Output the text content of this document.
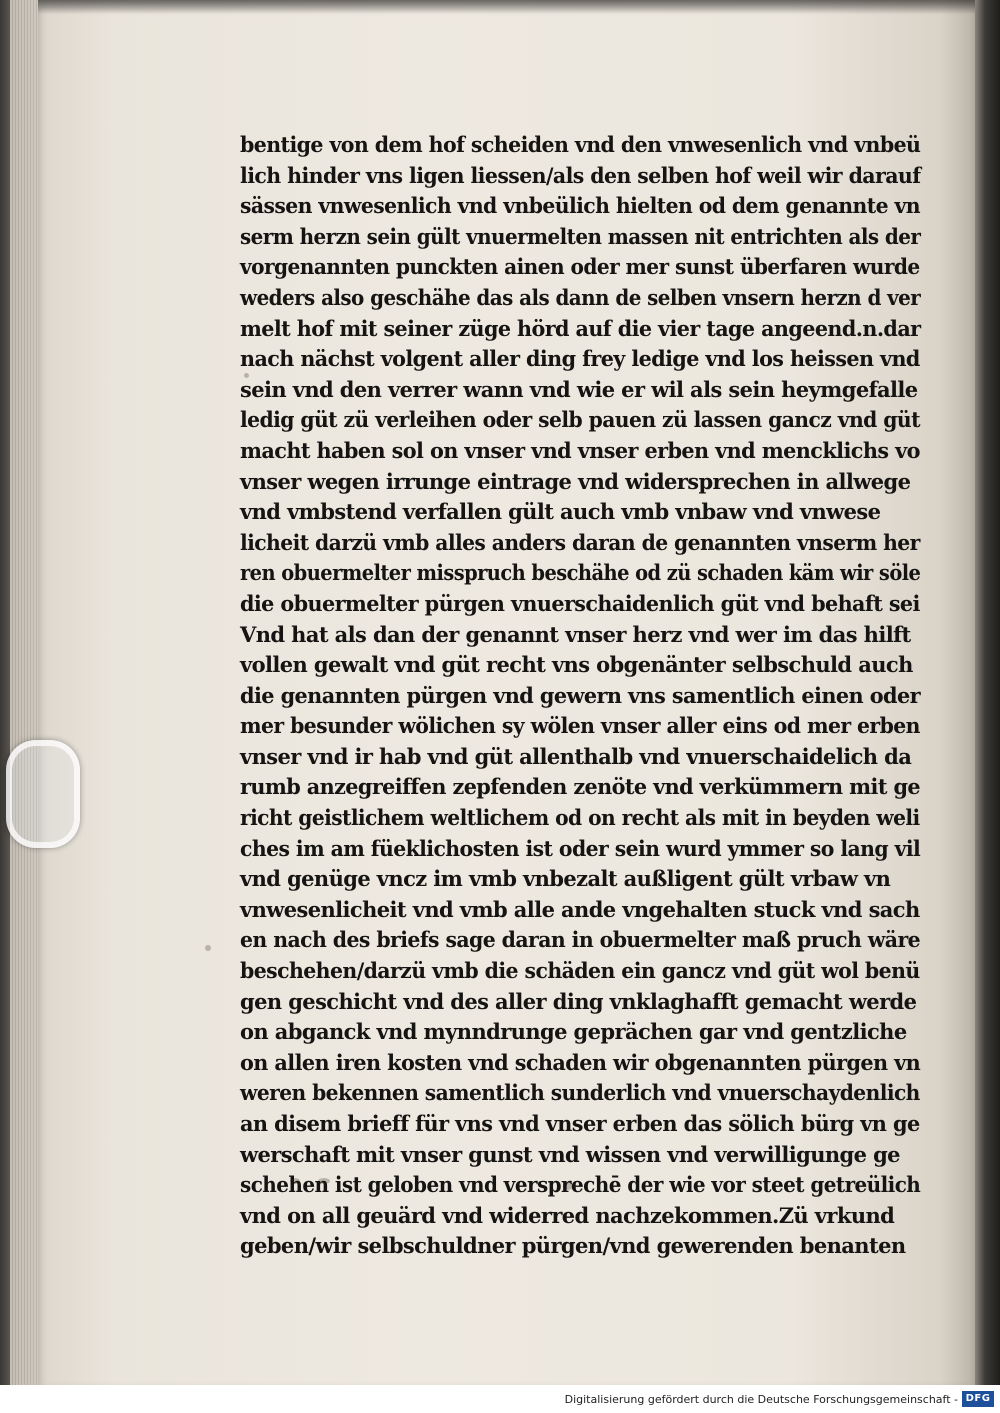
bentige von dem hof scheiden vnd den vnwesenlich vnd vnbeü
lich hinder vns ligen liessen/als den selben hof weil wir darauf
sässen vnwesenlich vnd vnbeülich hielten od dem genannte vn
serm herzn sein gült vnuermelten massen nit entrichten als der
vorgenannten punckten ainen oder mer sunst überfaren wurde
weders also geschähe das als dann de selben vnsern herzn d ver
melt hof mit seiner züge hörd auf die vier tage angeend.n.dar
nach nächst volgent aller ding frey ledige vnd los heissen vnd
sein vnd den verrer wann vnd wie er wil als sein heymgefalle
ledig güt zü verleihen oder selb pauen zü lassen gancz vnd güt
macht haben sol on vnser vnd vnser erben vnd mencklichs vo
vnser wegen irrunge eintrage vnd widersprechen in allwege
vnd vmbstend verfallen gült auch vmb vnbaw vnd vnwese
licheit darzü vmb alles anders daran de genannten vnserm her
ren obuermelter misspruch beschähe od zü schaden käm wir söle
die obuermelter pürgen vnuerschaidenlich güt vnd behaft sei
Vnd hat als dan der genannt vnser herz vnd wer im das hilft
vollen gewalt vnd güt recht vns obgenänter selbschuld auch
die genannten pürgen vnd gewern vns samentlich einen oder
mer besunder wölichen sy wölen vnser aller eins od mer erben
vnser vnd ir hab vnd güt allenthalb vnd vnuerschaidelich da
rumb anzegreiffen zepfenden zenöte vnd verkümmern mit ge
richt geistlichem weltlichem od on recht als mit in beyden weli
ches im am füeklichosten ist oder sein wurd ymmer so lang vil
vnd genüge vncz im vmb vnbezalt außligent gült vrbaw vn
vnwesenlicheit vnd vmb alle ande vngehalten stuck vnd sach
en nach des briefs sage daran in obuermelter maß pruch wäre
beschehen/darzü vmb die schäden ein gancz vnd güt wol benü
gen geschicht vnd des aller ding vnklaghafft gemacht werde
on abganck vnd mynndrunge geprächen gar vnd gentzliche
on allen iren kosten vnd schaden wir obgenannten pürgen vn
weren bekennen samentlich sunderlich vnd vnuerschaydenlich
an disem brieff für vns vnd vnser erben das sölich bürg vn ge
werschaft mit vnser gunst vnd wissen vnd verwilligunge ge
schehen ist geloben vnd versprechē der wie vor steet getreülich
vnd on all geuärd vnd widerred nachzekommen.Zü vrkund
geben/wir selbschuldner pürgen/vnd gewerenden benanten
Digitalisierung gefördert durch die Deutsche Forschungsgemeinschaft - DFG
